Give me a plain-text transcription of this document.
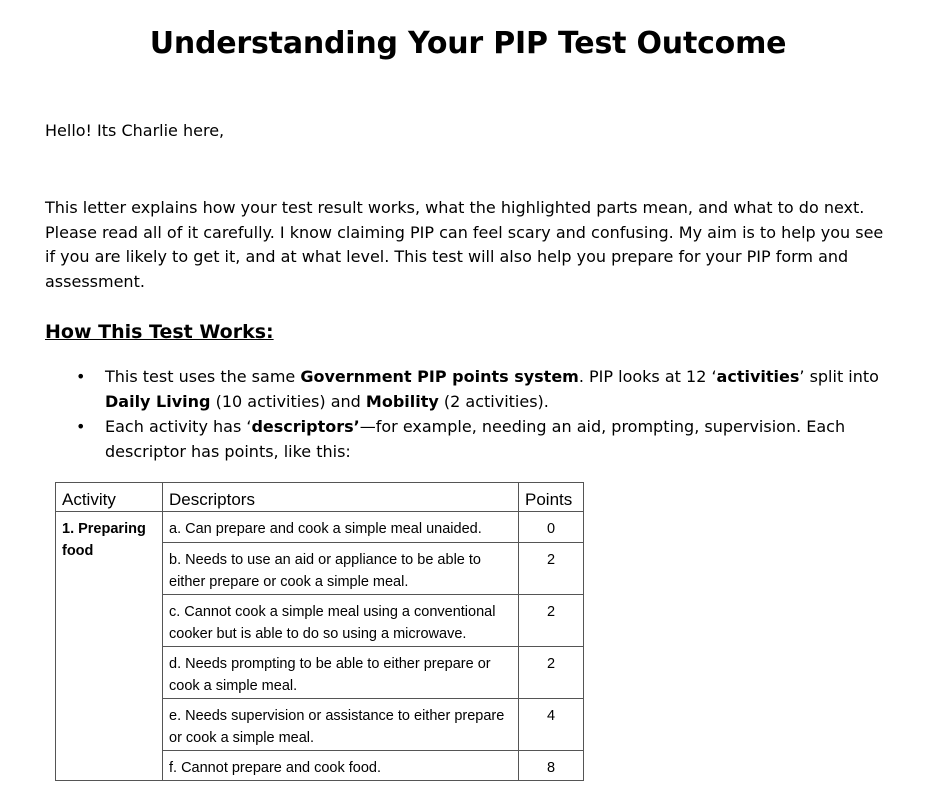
Understanding Your PIP Test Outcome

Hello! Its Charlie here,

This letter explains how your test result works, what the highlighted parts mean, and what to do next. Please read all of it carefully. I know claiming PIP can feel scary and confusing. My aim is to help you see if you are likely to get it, and at what level. This test will also help you prepare for your PIP form and assessment.

How This Test Works:
• This test uses the same Government PIP points system. PIP looks at 12 ‘activities’ split into Daily Living (10 activities) and Mobility (2 activities).
• Each activity has ‘descriptors’—for example, needing an aid, prompting, supervision. Each descriptor has points, like this:
Activity	Descriptors	Points
1. Preparing food	a. Can prepare and cook a simple meal unaided.	0
	b. Needs to use an aid or appliance to be able to either prepare or cook a simple meal.	2
	c. Cannot cook a simple meal using a conventional cooker but is able to do so using a microwave.	2
	d. Needs prompting to be able to either prepare or cook a simple meal.	2
	e. Needs supervision or assistance to either prepare or cook a simple meal.	4
	f. Cannot prepare and cook food.	8
